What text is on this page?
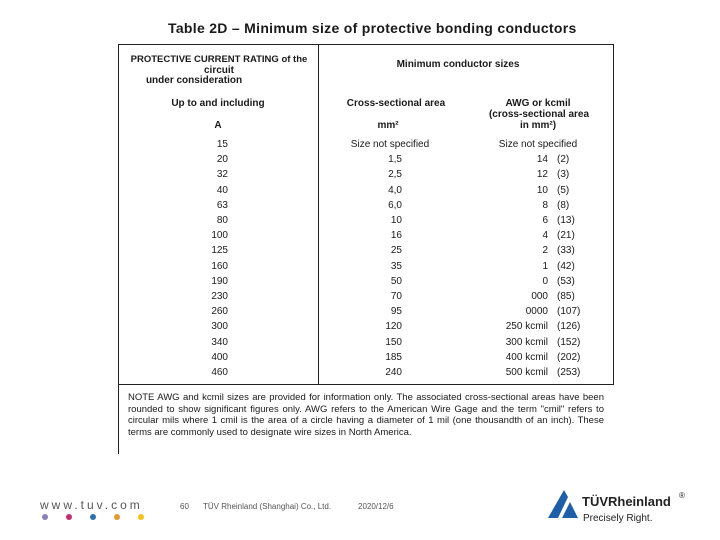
Table 2D – Minimum size of protective bonding conductors
PROTECTIVE CURRENT RATING of the
circuit
under consideration
Minimum conductor sizes
Up to and including
A
Cross-sectional area
mm²
AWG or kcmil
(cross-sectional area
in mm²)
15	Size not specified	Size not specified
20	1,5	14 (2)
32	2,5	12 (3)
40	4,0	10 (5)
63	6,0	8 (8)
80	10	6 (13)
100	16	4 (21)
125	25	2 (33)
160	35	1 (42)
190	50	0 (53)
230	70	000 (85)
260	95	0000 (107)
300	120	250 kcmil (126)
340	150	300 kcmil (152)
400	185	400 kcmil (202)
460	240	500 kcmil (253)
NOTE AWG and kcmil sizes are provided for information only. The associated cross-sectional areas have been rounded to show significant figures only. AWG refers to the American Wire Gage and the term "cmil" refers to circular mils where 1 cmil is the area of a circle having a diameter of 1 mil (one thousandth of an inch). These terms are commonly used to designate wire sizes in North America.
www.tuv.com	60 TÜV Rheinland (Shanghai) Co., Ltd.	2020/12/6	TÜVRheinland ®
Precisely Right.
